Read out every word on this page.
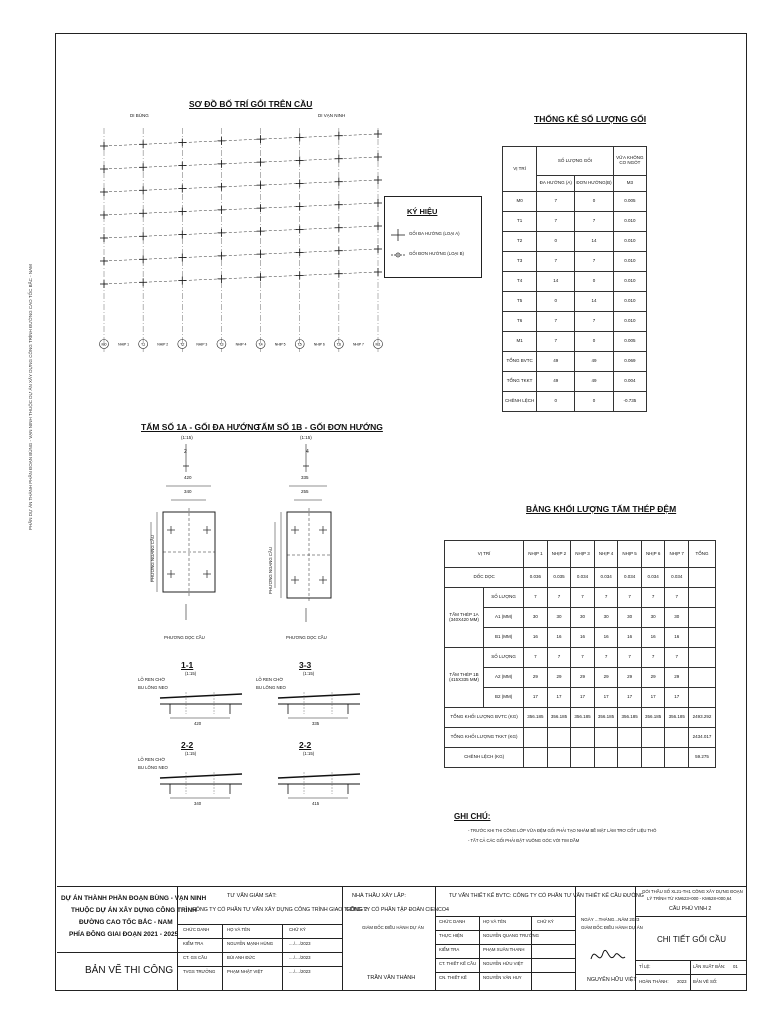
PHẦN DỰ ÁN THÀNH PHẦN ĐOẠN BÙNG - VẠN NINH THUỘC DỰ ÁN XÂY DỰNG CÔNG TRÌNH ĐƯỜNG CAO TỐC BẮC - NAM
SƠ ĐỒ BỐ TRÍ GỐI TRÊN CẦU
DI BÙNG	DI VẠN NINH
M0	NHỊP 1	T1	NHỊP 2	T2	NHỊP 3	T3	NHỊP 4	T4	NHỊP 5	T5	NHỊP 6	T6	NHỊP 7	M1
KÝ HIỆU
GỐI ĐA HƯỚNG (LOẠI A)
GỐI ĐƠN HƯỚNG (LOẠI B)
THỐNG KÊ SỐ LƯỢNG GỐI
VỊ TRÍ	SỐ LƯỢNG GỐI		VỮA KHÔNG CO NGÓT
	ĐA HƯỚNG (A)	ĐƠN HƯỚNG(B)	M3
M0	7	0	0.005
T1	7	7	0.010
T2	0	14	0.010
T3	7	7	0.010
T4	14	0	0.010
T5	0	14	0.010
T6	7	7	0.010
M1	7	0	0.005
TỔNG BVTC	49	49	0.069
TỔNG TKKT	49	49	0.004
CHÊNH LỆCH	0	0	-0.735
TẤM SỐ 1A - GỐI ĐA HƯỚNG
(1:15)
420
340
PHƯƠNG NGANG CẦU
2
PHƯƠNG DỌC CẦU
TẤM SỐ 1B - GỐI ĐƠN HƯỚNG
(1:15)
335
255
PHƯƠNG NGANG CẦU
4
PHƯƠNG DỌC CẦU
1-1
(1:15)
LỖ REN CHỜ
BU LÔNG NEO
420
3-3
(1:15)
LỖ REN CHỜ
BU LÔNG NEO
335
2-2
(1:15)
LỖ REN CHỜ
BU LÔNG NEO
340
2-2
(1:15)
415
BẢNG KHỐI LƯỢNG TẤM THÉP ĐỆM
VỊ TRÍ		NHỊP 1	NHỊP 2	NHỊP 3	NHỊP 4	NHỊP 5	NHỊP 6	NHỊP 7	TỔNG
DỐC DỌC		0.036	0.035	0.034	0.034	0.034	0.034	0.034	
TẤM THÉP 1A (340X420 MM)	SỐ LƯỢNG	7	7	7	7	7	7	7	
	A1 (MM)	30	30	30	30	30	30	30	
	B1 (MM)	16	16	16	16	16	16	16	
TẤM THÉP 1B (415X335 MM)	SỐ LƯỢNG	7	7	7	7	7	7	7	
	A2 (MM)	29	29	29	29	29	29	29	
	B2 (MM)	17	17	17	17	17	17	17	
TỔNG KHỐI LƯỢNG BVTC (KG)		356.185	356.185	356.185	356.185	356.185	356.185	356.185	2493.292
TỔNG KHỐI LƯỢNG TKKT (KG)									2434.017
CHÊNH LỆCH (KG)									59.275
GHI CHÚ:
- TRƯỚC KHI THI CÔNG LỚP VỮA ĐỆM GỐI PHẢI TẠO NHÁM BỀ MẶT LÀM TRƠ CỐT LIỆU THÔ
- TẤT CẢ CÁC GỐI PHẢI ĐẶT VUÔNG GÓC VỚI TIM DẦM
DỰ ÁN THÀNH PHẦN ĐOẠN BÙNG - VẠN NINH
THUỘC DỰ ÁN XÂY DỰNG CÔNG TRÌNH
ĐƯỜNG CAO TỐC BẮC - NAM
PHÍA ĐÔNG GIAI ĐOẠN 2021 - 2025
BẢN VẼ THI CÔNG
TƯ VẤN GIÁM SÁT:
CÔNG TY CỔ PHẦN TƯ VẤN XÂY DỰNG CÔNG TRÌNH GIAO THÔNG 2
CHỨC DANH	HỌ VÀ TÊN	CHỮ KÝ
KIỂM TRA	NGUYỄN MẠNH HÙNG	..../..../2023
CT. GS CẦU	BÙI ANH ĐỨC	..../..../2023
TVGS TRƯỞNG	PHẠM NHẬT VIỆT	..../..../2023
NHÀ THẦU XÂY LẮP:
CÔNG TY CỔ PHẦN TẬP ĐOÀN CIENCO4
GIÁM ĐỐC ĐIỀU HÀNH DỰ ÁN
TRẦN VĂN THÀNH
TƯ VẤN THIẾT KẾ BVTC: CÔNG TY CỔ PHẦN TƯ VẤN THIẾT KẾ CẦU ĐƯỜNG
CHỨC DANH	HỌ VÀ TÊN	CHỮ KÝ
THỰC HIỆN	NGUYỄN QUANG TRƯỜNG
KIỂM TRA	PHẠM XUÂN THANH
CT. THIẾT KẾ CẦU NGUYỄN HỮU VIỆT
CN. THIẾT KẾ	NGUYỄN VĂN HUY
NGÀY ...THÁNG...NĂM 2023
GIÁM ĐỐC ĐIỀU HÀNH DỰ ÁN
NGUYỄN HỮU VIỆT
GÓI THẦU SỐ XL21-TH1 CÔNG XÂY DỰNG ĐOẠN
LÝ TRÌNH TỪ KM623+000 - KM628+000,64
CẦU PHÚ VINH 2
CHI TIẾT GỐI CẦU
TỈ LỆ:	LẦN XUẤT BẢN: 01
HOÀN THÀNH: 2023 BẢN VẼ SỐ:
